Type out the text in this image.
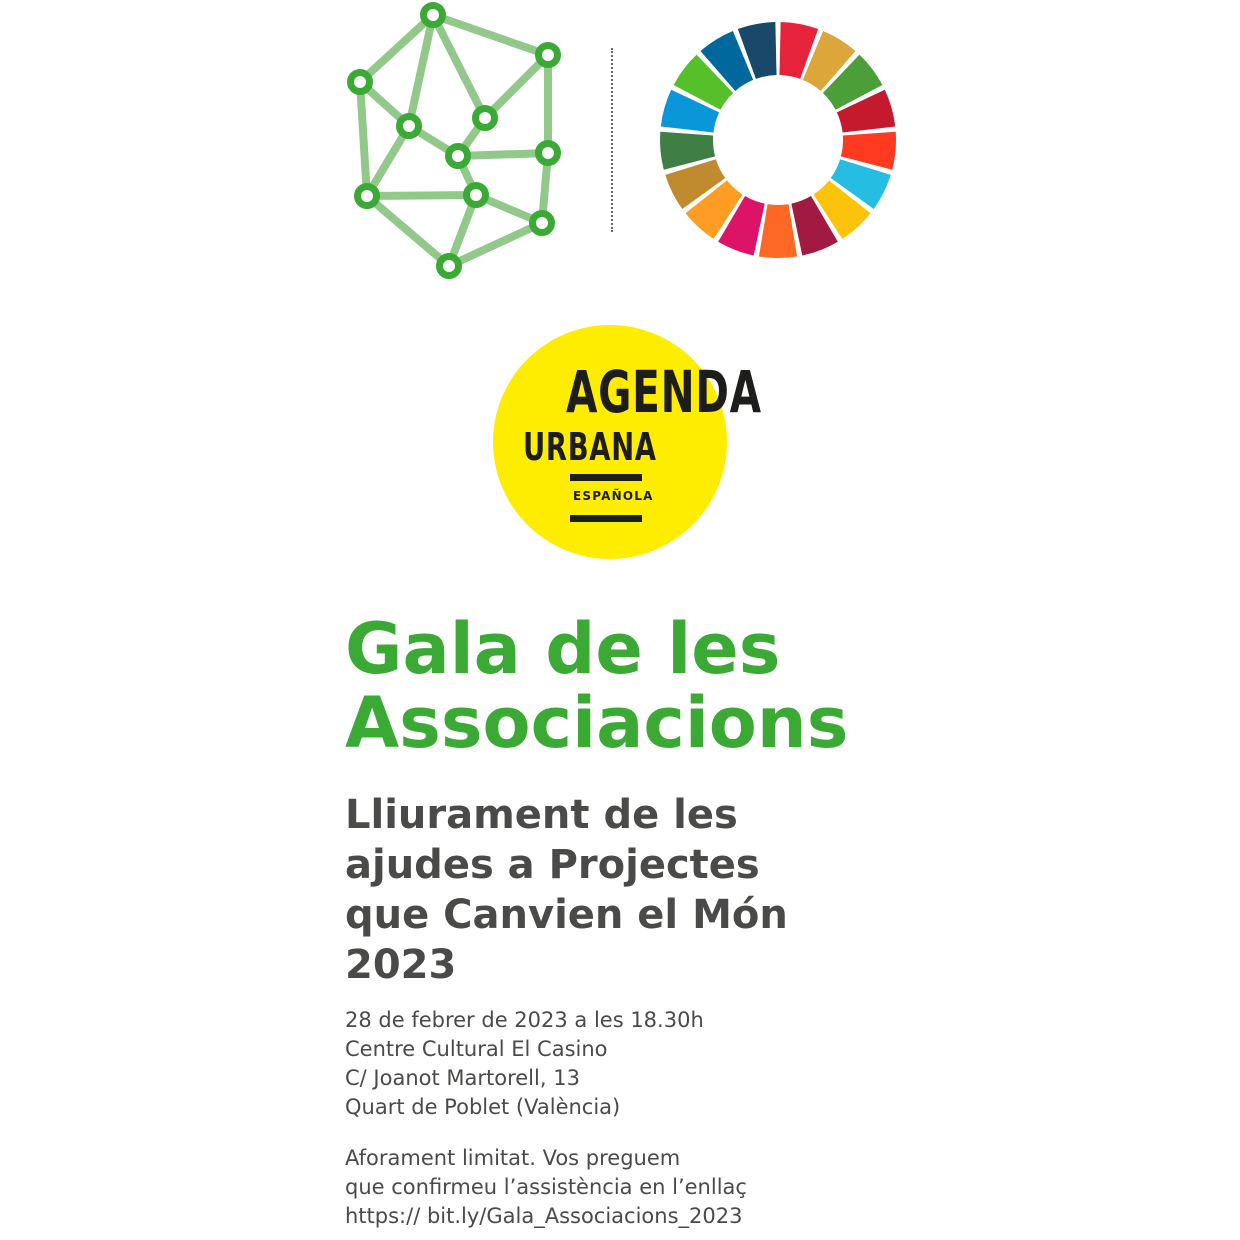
AGENDA
URBANA
ESPAÑOLA
Gala de les
Associacions
Lliurament de les
ajudes a Projectes
que Canvien el Món
2023
28 de febrer de 2023 a les 18.30h
Centre Cultural El Casino
C/ Joanot Martorell, 13
Quart de Poblet (València)
Aforament limitat. Vos preguem
que confirmeu l’assistència en l’enllaç
https:// bit.ly/Gala_Associacions_2023
